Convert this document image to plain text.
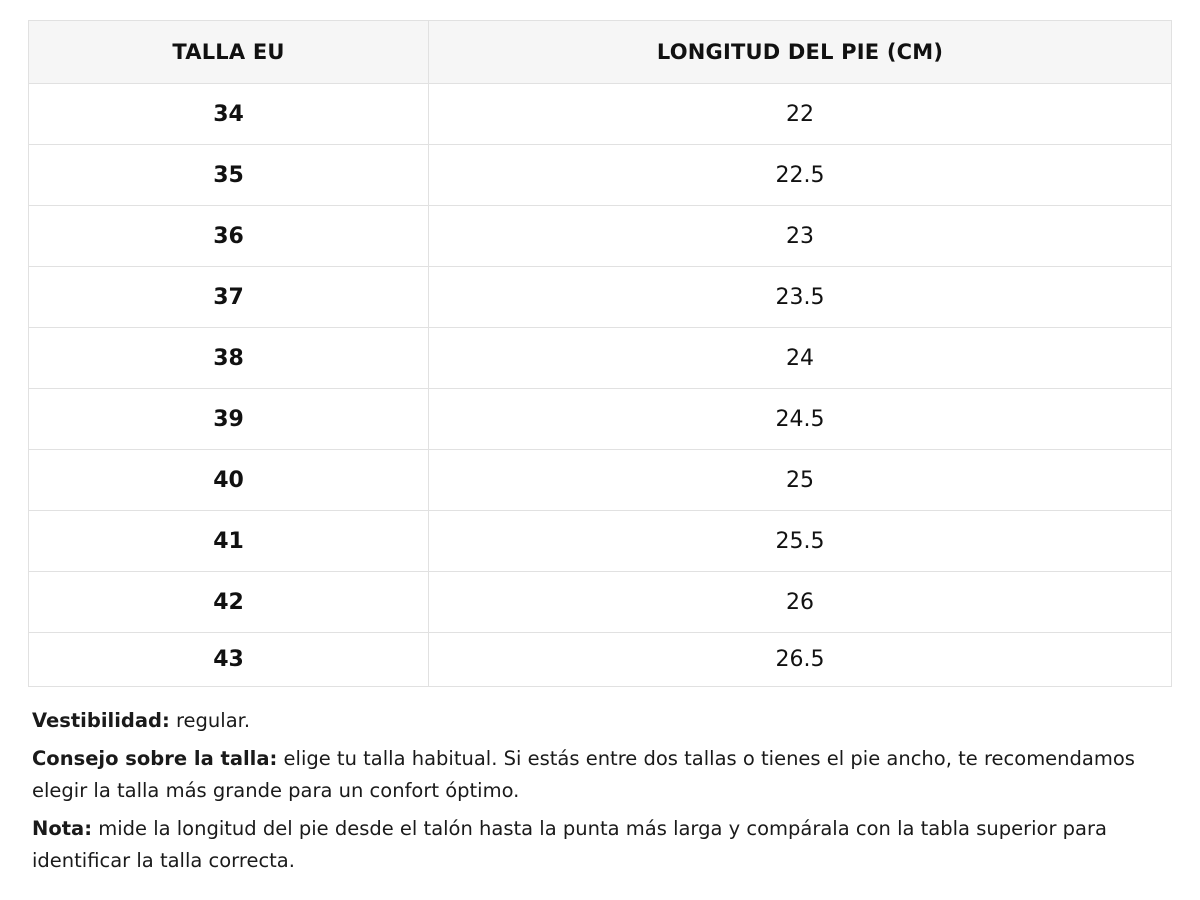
TALLA EU	LONGITUD DEL PIE (CM)
34	22
35	22.5
36	23
37	23.5
38	24
39	24.5
40	25
41	25.5
42	26
43	26.5

Vestibilidad: regular.

Consejo sobre la talla: elige tu talla habitual. Si estás entre dos tallas o tienes el pie ancho, te recomendamos elegir la talla más grande para un confort óptimo.

Nota: mide la longitud del pie desde el talón hasta la punta más larga y compárala con la tabla superior para identificar la talla correcta.
